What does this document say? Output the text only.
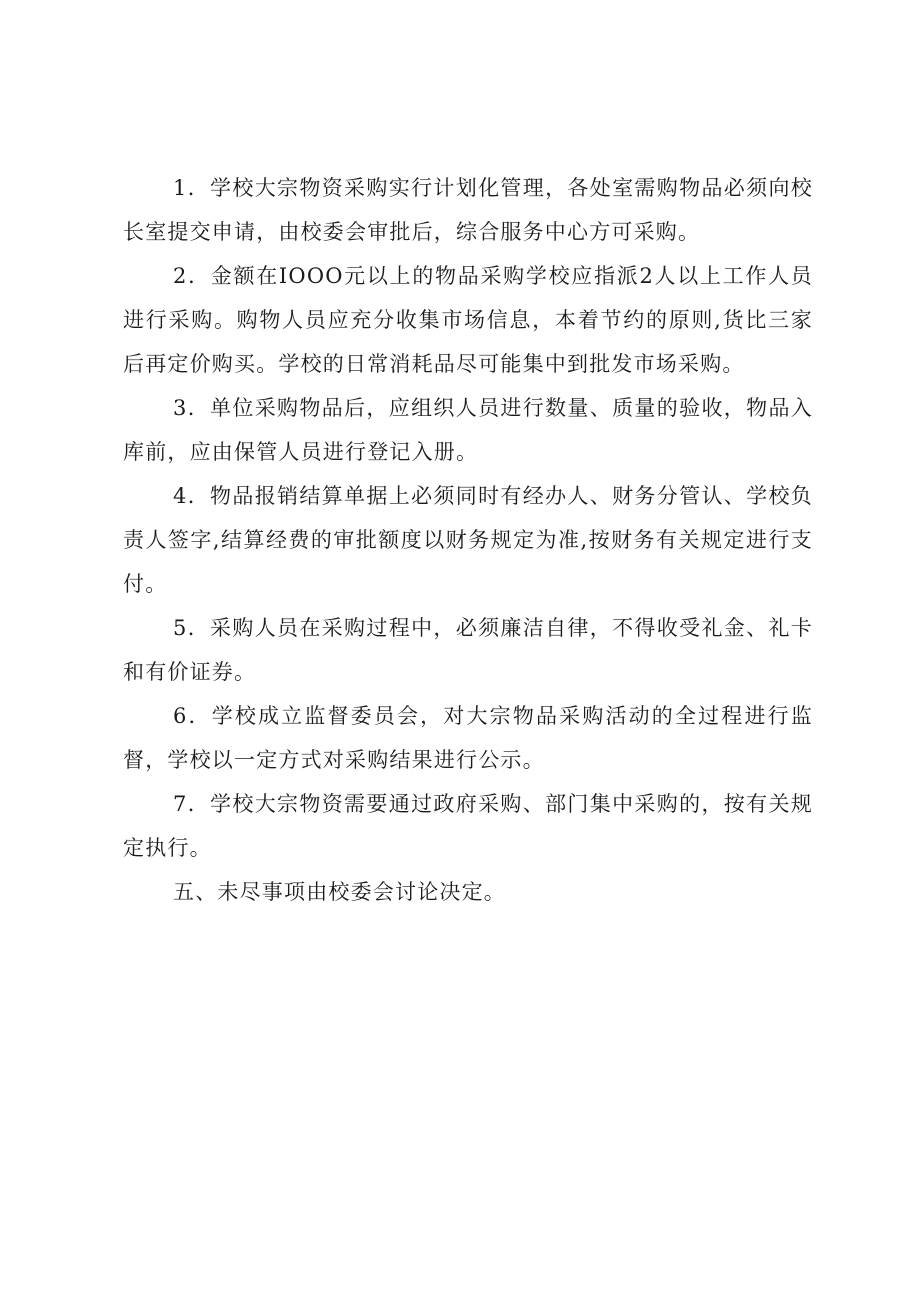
1．学校大宗物资采购实行计划化管理，各处室需购物品必须向校长室提交申请，由校委会审批后，综合服务中心方可采购。

2．金额在IOOO元以上的物品采购学校应指派2人以上工作人员进行采购。购物人员应充分收集市场信息，本着节约的原则,货比三家后再定价购买。学校的日常消耗品尽可能集中到批发市场采购。

3．单位采购物品后，应组织人员进行数量、质量的验收，物品入库前，应由保管人员进行登记入册。

4．物品报销结算单据上必须同时有经办人、财务分管认、学校负责人签字,结算经费的审批额度以财务规定为准,按财务有关规定进行支付。

5．采购人员在采购过程中，必须廉洁自律，不得收受礼金、礼卡和有价证券。

6．学校成立监督委员会，对大宗物品采购活动的全过程进行监督，学校以一定方式对采购结果进行公示。

7．学校大宗物资需要通过政府采购、部门集中采购的，按有关规定执行。

五、未尽事项由校委会讨论决定。
